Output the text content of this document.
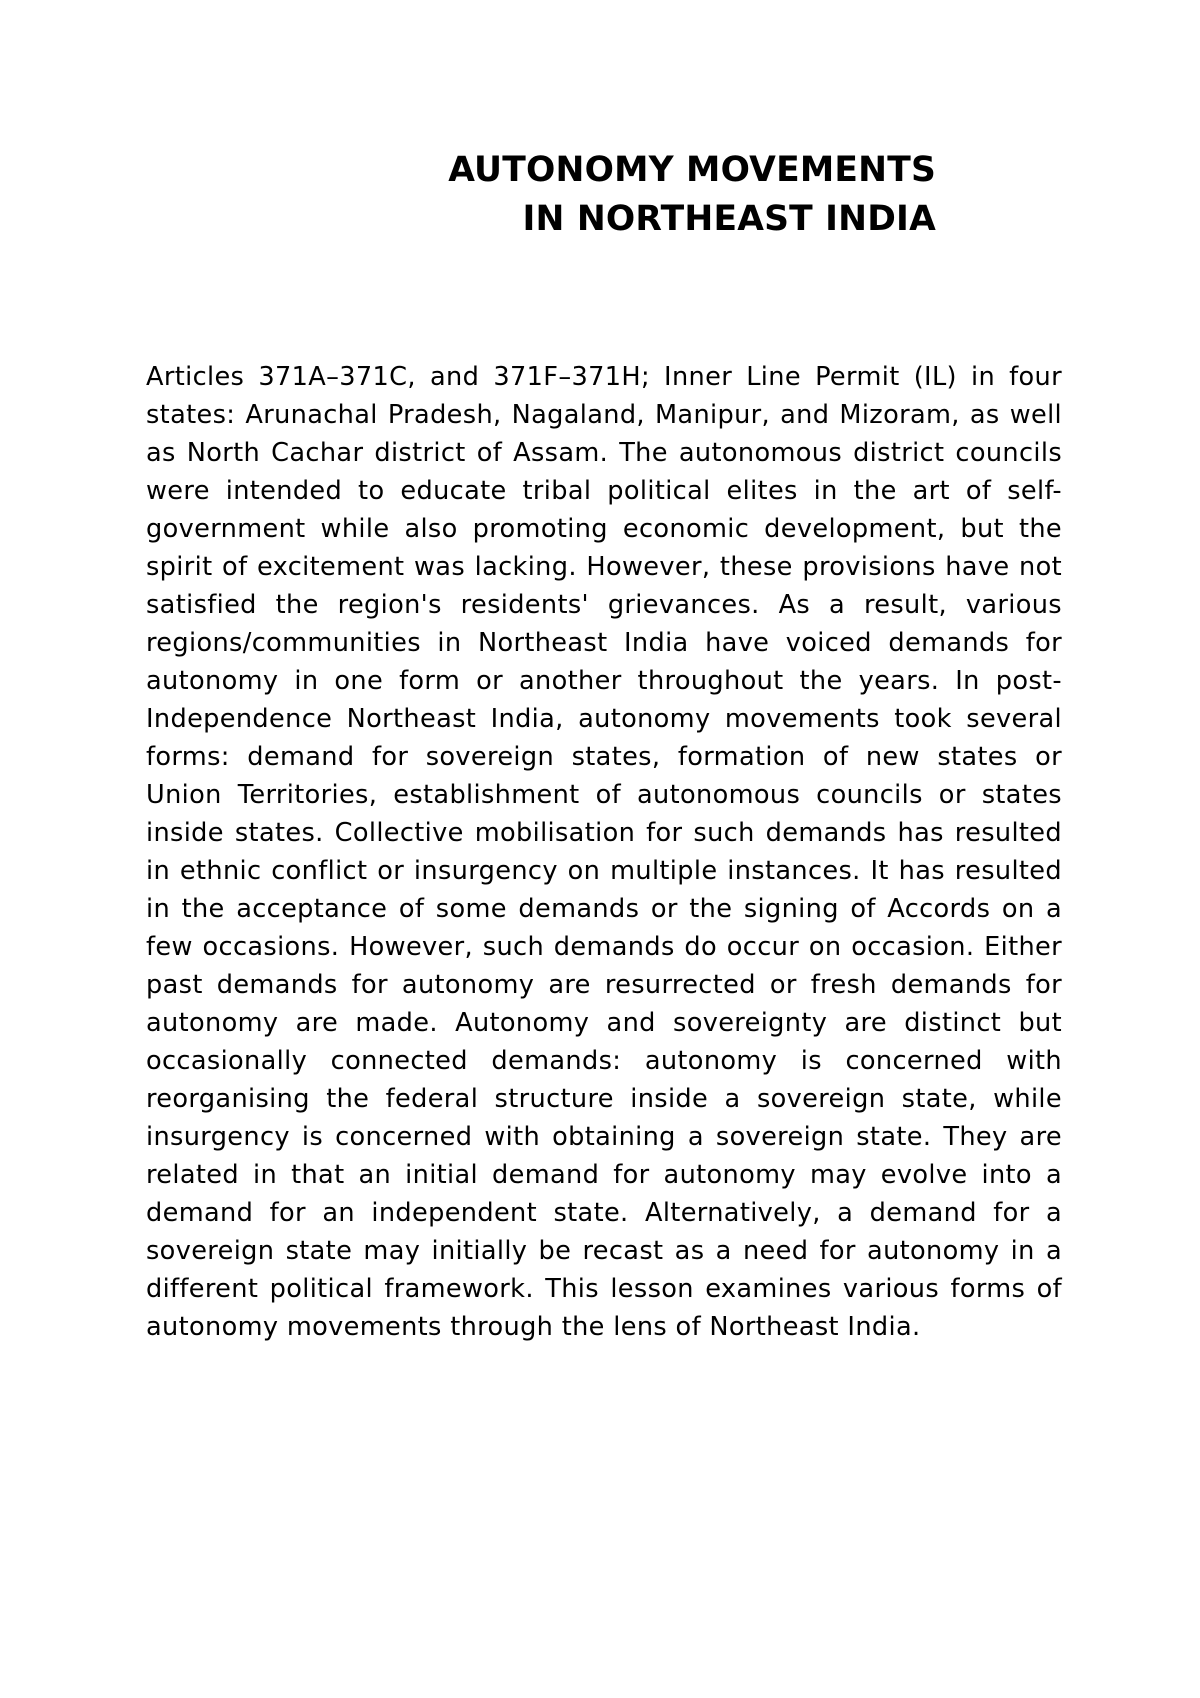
AUTONOMY MOVEMENTS
IN NORTHEAST INDIA

Articles 371A–371C, and 371F–371H; Inner Line Permit (IL) in four states: Arunachal Pradesh, Nagaland, Manipur, and Mizoram, as well as North Cachar district of Assam. The autonomous district councils were intended to educate tribal political elites in the art of self-government while also promoting economic development, but the spirit of excitement was lacking. However, these provisions have not satisfied the region's residents' grievances. As a result, various regions/communities in Northeast India have voiced demands for autonomy in one form or another throughout the years. In post-Independence Northeast India, autonomy movements took several forms: demand for sovereign states, formation of new states or Union Territories, establishment of autonomous councils or states inside states. Collective mobilisation for such demands has resulted in ethnic conflict or insurgency on multiple instances. It has resulted in the acceptance of some demands or the signing of Accords on a few occasions. However, such demands do occur on occasion. Either past demands for autonomy are resurrected or fresh demands for autonomy are made. Autonomy and sovereignty are distinct but occasionally connected demands: autonomy is concerned with reorganising the federal structure inside a sovereign state, while insurgency is concerned with obtaining a sovereign state. They are related in that an initial demand for autonomy may evolve into a demand for an independent state. Alternatively, a demand for a sovereign state may initially be recast as a need for autonomy in a different political framework. This lesson examines various forms of autonomy movements through the lens of Northeast India.
